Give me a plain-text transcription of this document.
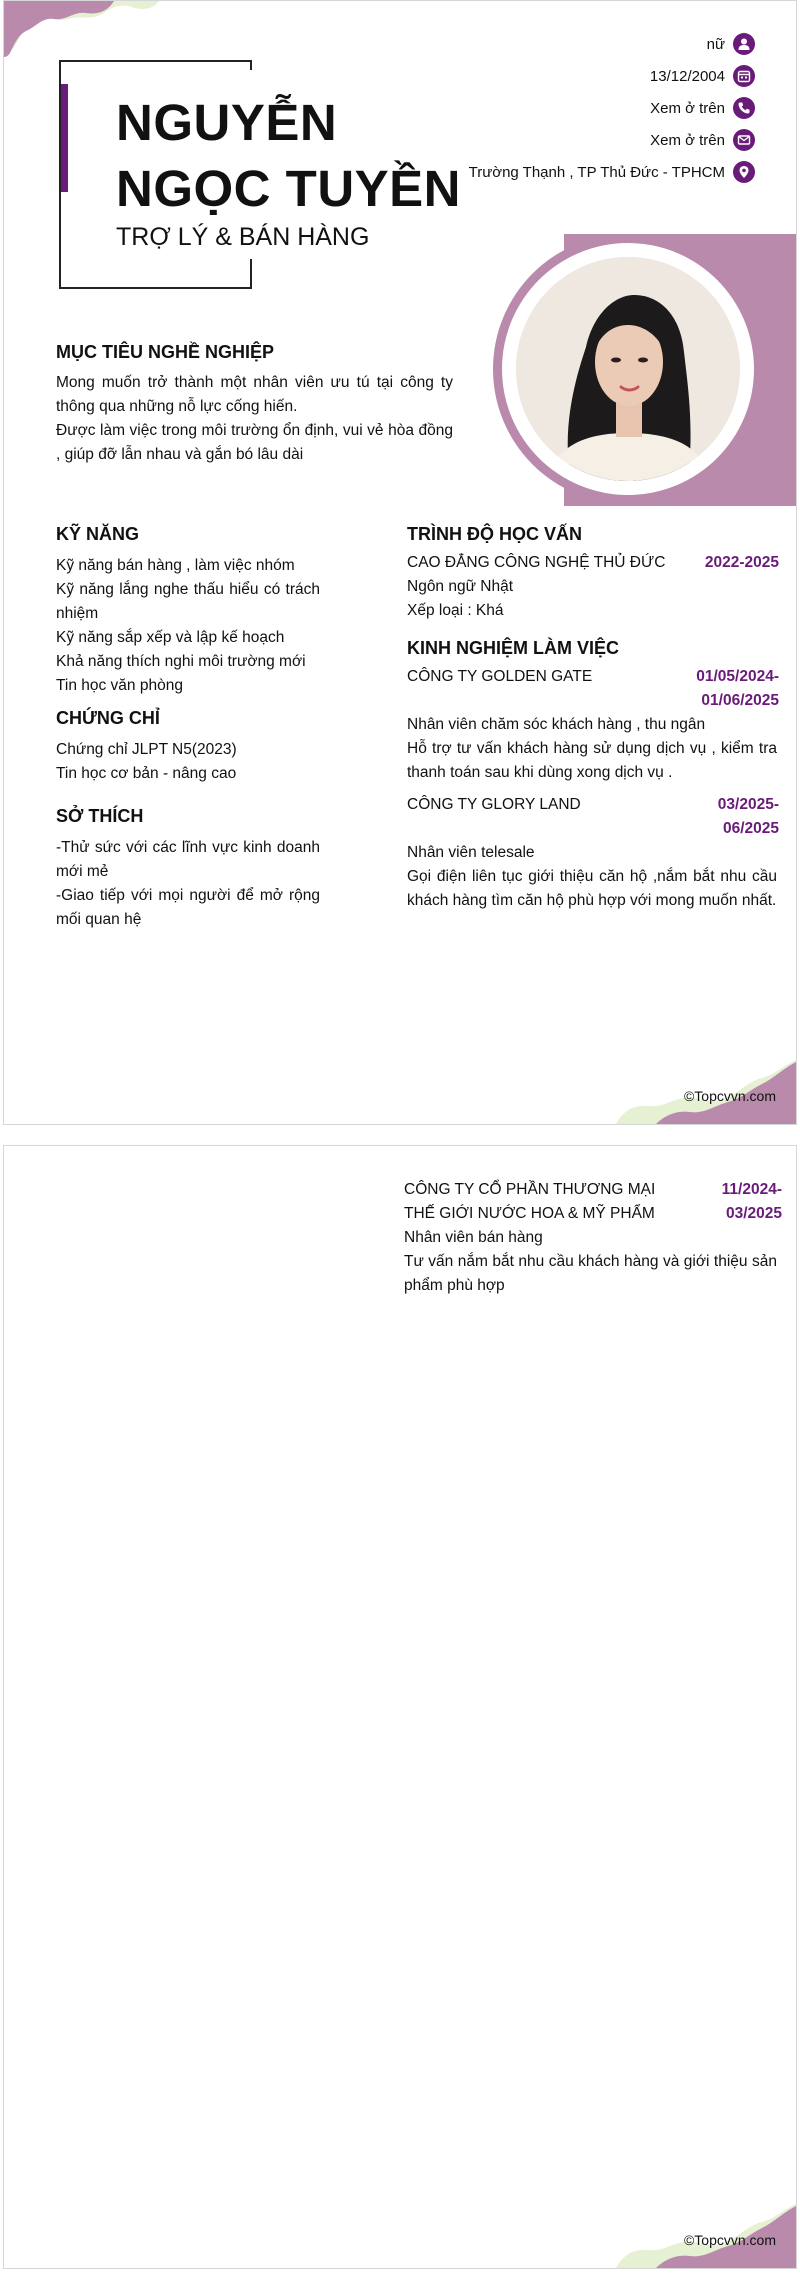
NGUYỄN
NGỌC TUYỀN
TRỢ LÝ & BÁN HÀNG
nữ
13/12/2004
Xem ở trên
Xem ở trên
Trường Thạnh , TP Thủ Đức - TPHCM
MỤC TIÊU NGHỀ NGHIỆP
Mong muốn trở thành một nhân viên ưu tú tại công ty thông qua những nỗ lực cống hiến.
Được làm việc trong môi trường ổn định, vui vẻ hòa đồng , giúp đỡ lẫn nhau và gắn bó lâu dài
KỸ NĂNG
Kỹ năng bán hàng , làm việc nhóm
Kỹ năng lắng nghe thấu hiểu có trách nhiệm
Kỹ năng sắp xếp và lập kế hoạch
Khả năng thích nghi môi trường mới
Tin học văn phòng
CHỨNG CHỈ
Chứng chỉ JLPT N5(2023)
Tin học cơ bản - nâng cao
SỞ THÍCH
-Thử sức với các lĩnh vực kinh doanh mới mẻ
-Giao tiếp với mọi người để mở rộng mối quan hệ
TRÌNH ĐỘ HỌC VẤN
CAO ĐẲNG CÔNG NGHỆ THỦ ĐỨC	2022-2025
Ngôn ngữ Nhật
Xếp loại : Khá
KINH NGHIỆM LÀM VIỆC
CÔNG TY GOLDEN GATE	01/05/2024-
01/06/2025
Nhân viên chăm sóc khách hàng , thu ngân
Hỗ trợ tư vấn khách hàng sử dụng dịch vụ , kiểm tra thanh toán sau khi dùng xong dịch vụ .
CÔNG TY GLORY LAND	03/2025-
06/2025
Nhân viên telesale
Gọi điện liên tục giới thiệu căn hộ ,nắm bắt nhu cầu khách hàng tìm căn hộ phù hợp với mong muốn nhất.
©Topcvvn.com
CÔNG TY CỔ PHẦN THƯƠNG MẠI THẾ GIỚI NƯỚC HOA & MỸ PHẨM
11/2024-
03/2025
Nhân viên bán hàng
Tư vấn nắm bắt nhu cầu khách hàng và giới thiệu sản phẩm phù hợp
©Topcvvn.com
